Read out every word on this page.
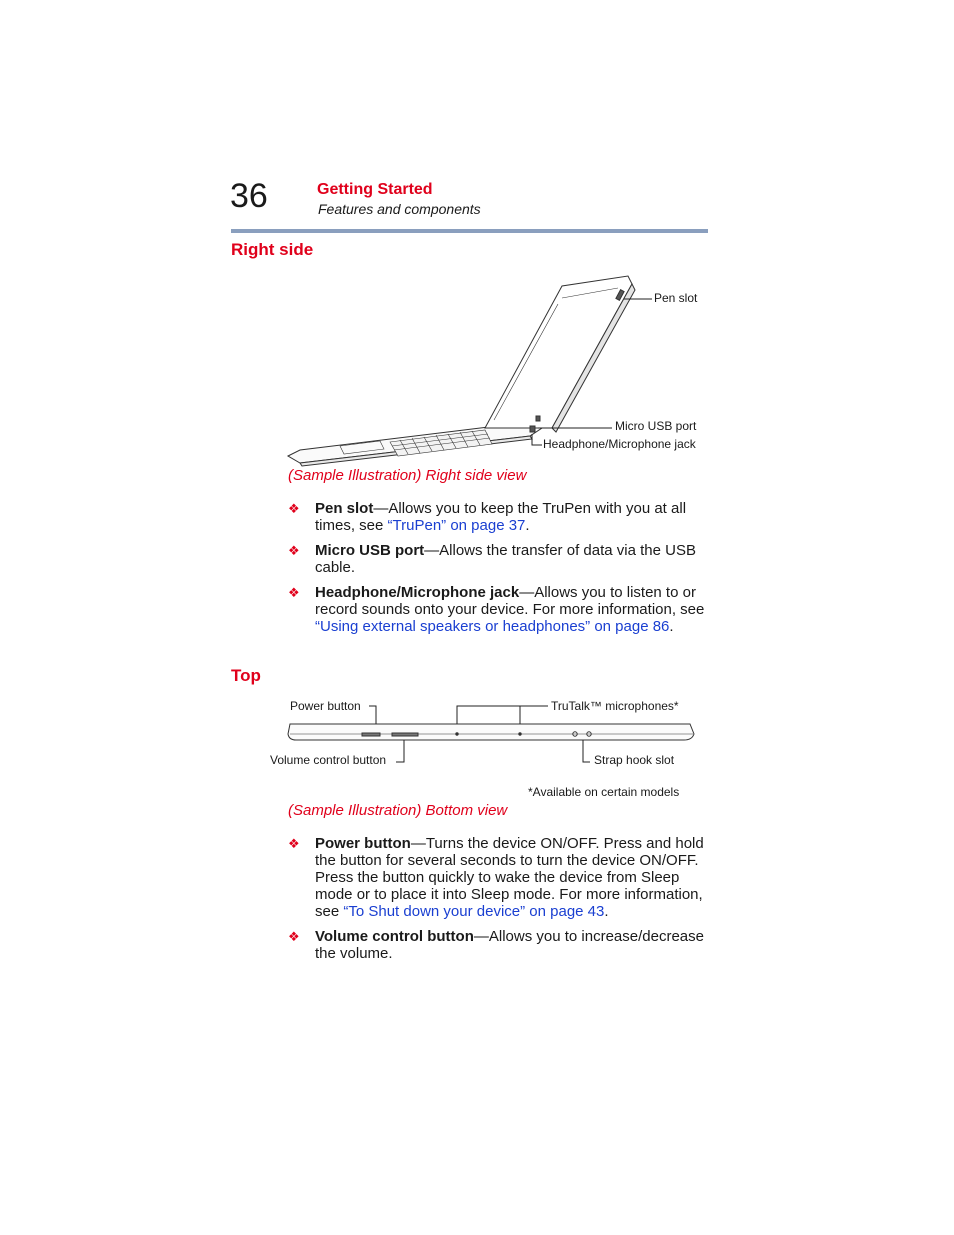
36	Getting Started
Features and components
Right side
Pen slot
Micro USB port
Headphone/Microphone jack
(Sample Illustration) Right side view
❖ Pen slot—Allows you to keep the TruPen with you at all times, see “TruPen” on page 37.
❖ Micro USB port—Allows the transfer of data via the USB cable.
❖ Headphone/Microphone jack—Allows you to listen to or record sounds onto your device. For more information, see “Using external speakers or headphones” on page 86.
Top
Power button	TruTalk™ microphones*
Volume control button	Strap hook slot
*Available on certain models
(Sample Illustration) Bottom view
❖ Power button—Turns the device ON/OFF. Press and hold the button for several seconds to turn the device ON/OFF. Press the button quickly to wake the device from Sleep mode or to place it into Sleep mode. For more information, see “To Shut down your device” on page 43.
❖ Volume control button—Allows you to increase/decrease the volume.
